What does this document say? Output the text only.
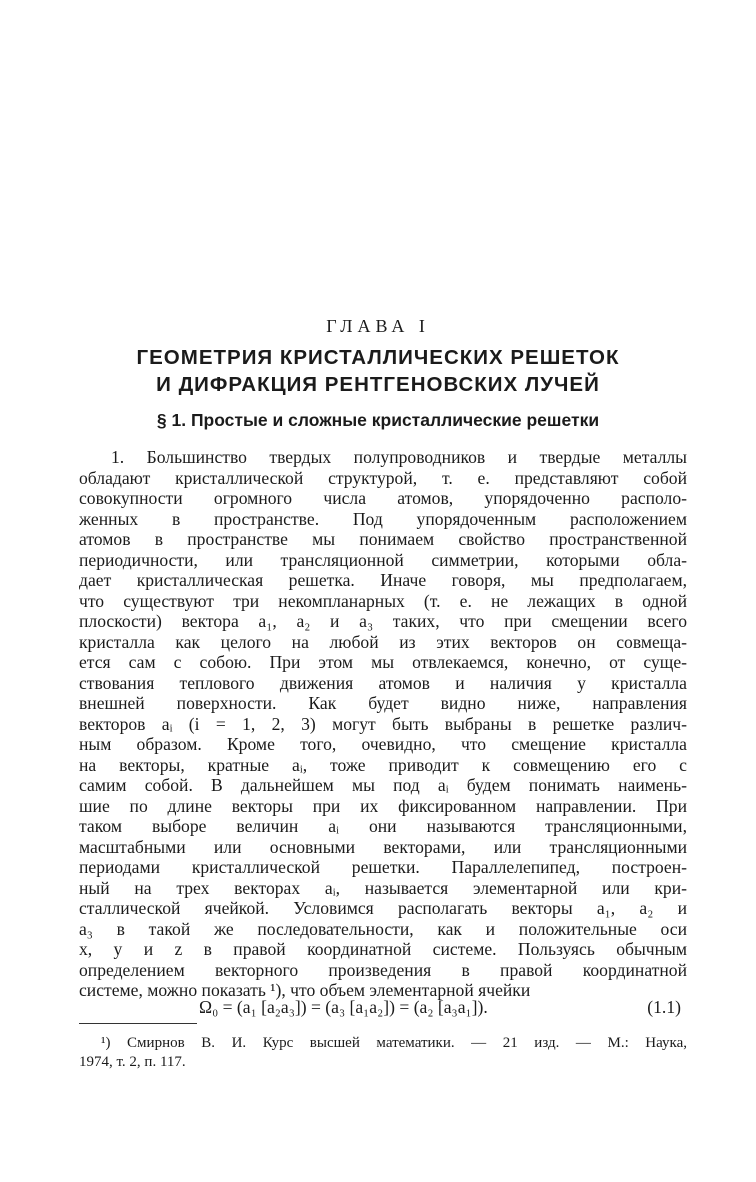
ГЛАВА I
ГЕОМЕТРИЯ КРИСТАЛЛИЧЕСКИХ РЕШЕТОК
И ДИФРАКЦИЯ РЕНТГЕНОВСКИХ ЛУЧЕЙ
§ 1. Простые и сложные кристаллические решетки
1. Большинство твердых полупроводников и твердые металлы
обладают кристаллической структурой, т. е. представляют собой
совокупности огромного числа атомов, упорядоченно располо-
женных в пространстве. Под упорядоченным расположением
атомов в пространстве мы понимаем свойство пространственной
периодичности, или трансляционной симметрии, которыми обла-
дает кристаллическая решетка. Иначе говоря, мы предполагаем,
что существуют три некомпланарных (т. е. не лежащих в одной
плоскости) вектора a₁, a₂ и a₃ таких, что при смещении всего
кристалла как целого на любой из этих векторов он совмеща-
ется сам с собою. При этом мы отвлекаемся, конечно, от суще-
ствования теплового движения атомов и наличия у кристалла
внешней поверхности. Как будет видно ниже, направления
векторов aᵢ (i = 1, 2, 3) могут быть выбраны в решетке различ-
ным образом. Кроме того, очевидно, что смещение кристалла
на векторы, кратные aᵢ, тоже приводит к совмещению его с
самим собой. В дальнейшем мы под aᵢ будем понимать наимень-
шие по длине векторы при их фиксированном направлении. При
таком выборе величин aᵢ они называются трансляционными,
масштабными или основными векторами, или трансляционными
периодами кристаллической решетки. Параллелепипед, построен-
ный на трех векторах aᵢ, называется элементарной или кри-
сталлической ячейкой. Условимся располагать векторы a₁, a₂ и
a₃ в такой же последовательности, как и положительные оси
x, y и z в правой координатной системе. Пользуясь обычным
определением векторного произведения в правой координатной
системе, можно показать ¹), что объем элементарной ячейки
Ω₀ = (a₁ [a₂a₃]) = (a₃ [a₁a₂]) = (a₂ [a₃a₁]).	(1.1)
¹) Смирнов В. И. Курс высшей математики. — 21 изд. — М.: Наука,
1974, т. 2, п. 117.
